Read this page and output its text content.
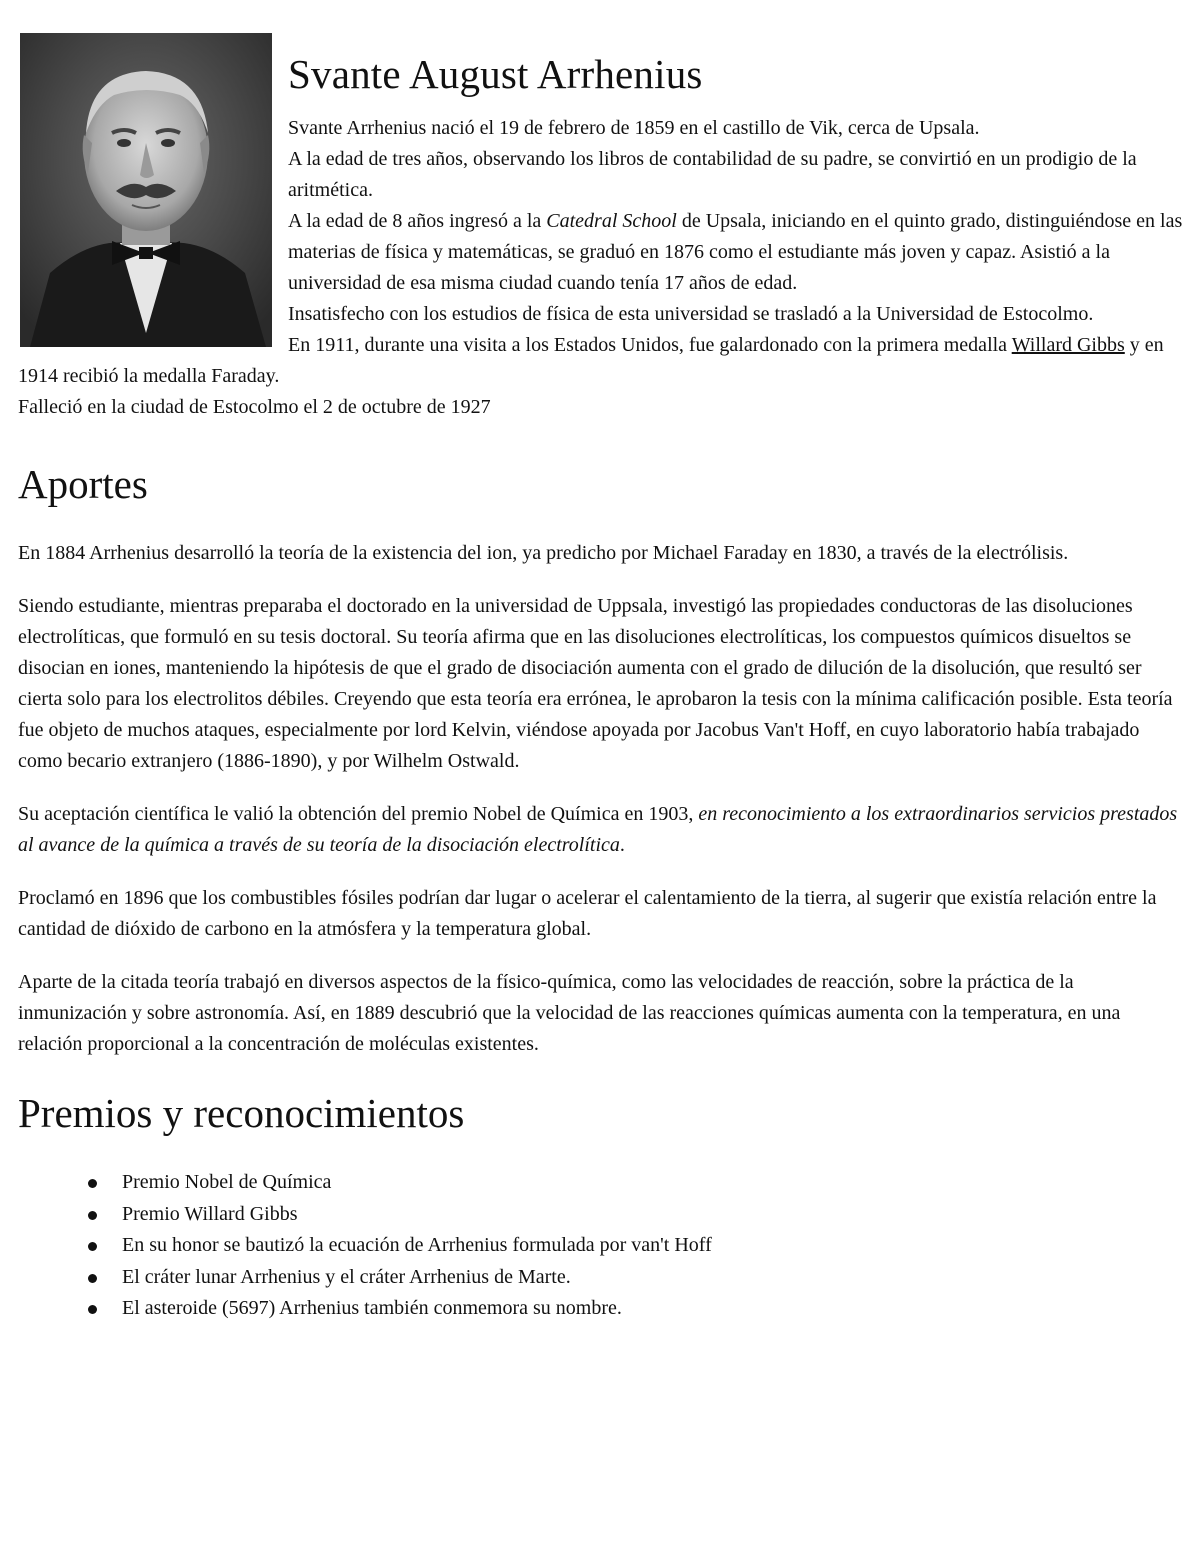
Svante August Arrhenius

Svante Arrhenius nació el 19 de febrero de 1859 en el castillo de Vik, cerca de Upsala.

A la edad de tres años, observando los libros de contabilidad de su padre, se convirtió en un prodigio de la aritmética.

A la edad de 8 años ingresó a la Catedral School de Upsala, iniciando en el quinto grado, distinguiéndose en las materias de física y matemáticas, se graduó en 1876 como el estudiante más joven y capaz. Asistió a la universidad de esa misma ciudad cuando tenía 17 años de edad.

Insatisfecho con los estudios de física de esta universidad se trasladó a la Universidad de Estocolmo.

En 1911, durante una visita a los Estados Unidos, fue galardonado con la primera medalla Willard Gibbs y en 1914 recibió la medalla Faraday.

Falleció en la ciudad de Estocolmo el 2 de octubre de 1927

Aportes

En 1884 Arrhenius desarrolló la teoría de la existencia del ion, ya predicho por Michael Faraday en 1830, a través de la electrólisis.

Siendo estudiante, mientras preparaba el doctorado en la universidad de Uppsala, investigó las propiedades conductoras de las disoluciones electrolíticas, que formuló en su tesis doctoral. Su teoría afirma que en las disoluciones electrolíticas, los compuestos químicos disueltos se disocian en iones, manteniendo la hipótesis de que el grado de disociación aumenta con el grado de dilución de la disolución, que resultó ser cierta solo para los electrolitos débiles. Creyendo que esta teoría era errónea, le aprobaron la tesis con la mínima calificación posible. Esta teoría fue objeto de muchos ataques, especialmente por lord Kelvin, viéndose apoyada por Jacobus Van't Hoff, en cuyo laboratorio había trabajado como becario extranjero (1886-1890), y por Wilhelm Ostwald.

Su aceptación científica le valió la obtención del premio Nobel de Química en 1903, en reconocimiento a los extraordinarios servicios prestados al avance de la química a través de su teoría de la disociación electrolítica.

Proclamó en 1896 que los combustibles fósiles podrían dar lugar o acelerar el calentamiento de la tierra, al sugerir que existía relación entre la cantidad de dióxido de carbono en la atmósfera y la temperatura global.

Aparte de la citada teoría trabajó en diversos aspectos de la físico-química, como las velocidades de reacción, sobre la práctica de la inmunización y sobre astronomía. Así, en 1889 descubrió que la velocidad de las reacciones químicas aumenta con la temperatura, en una relación proporcional a la concentración de moléculas existentes.

Premios y reconocimientos
Premio Nobel de Química
Premio Willard Gibbs
En su honor se bautizó la ecuación de Arrhenius formulada por van't Hoff
El cráter lunar Arrhenius y el cráter Arrhenius de Marte.
El asteroide (5697) Arrhenius también conmemora su nombre.
